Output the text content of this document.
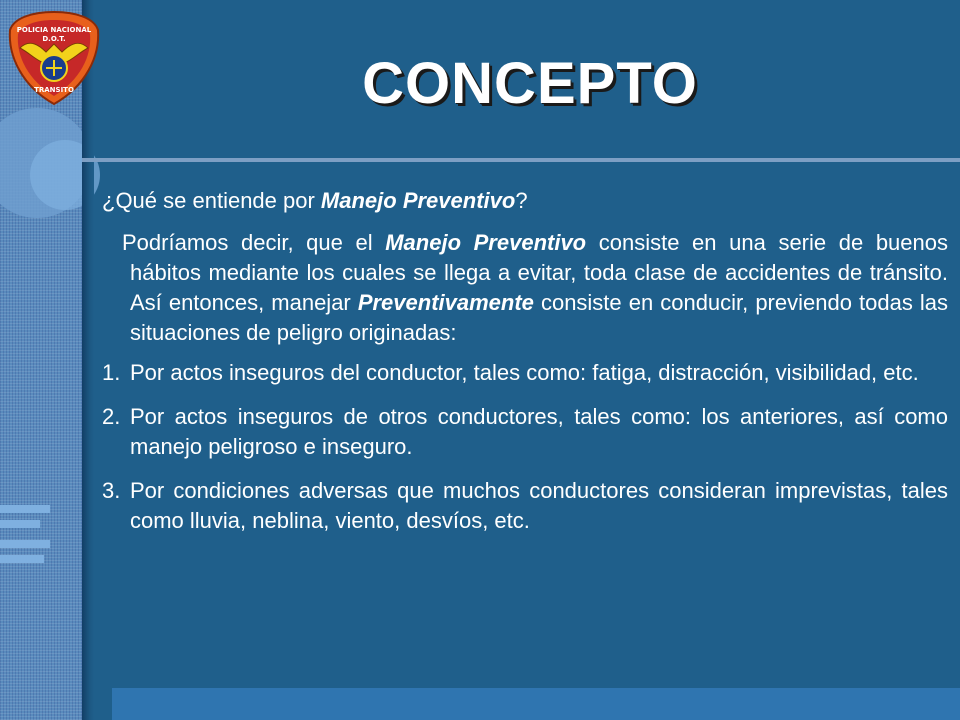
POLICIA NACIONAL
D.O.T.
TRANSITO	CONCEPTO

¿Qué se entiende por Manejo Preventivo?

Podríamos decir, que el Manejo Preventivo consiste en una serie de buenos hábitos mediante los cuales se llega a evitar, toda clase de accidentes de tránsito. Así entonces, manejar Preventivamente consiste en conducir, previendo todas las situaciones de peligro originadas:

1. Por actos inseguros del conductor, tales como: fatiga, distracción, visibilidad, etc.
2. Por actos inseguros de otros conductores, tales como: los anteriores, así como manejo peligroso e inseguro.
3. Por condiciones adversas que muchos conductores consideran imprevistas, tales como lluvia, neblina, viento, desvíos, etc.
